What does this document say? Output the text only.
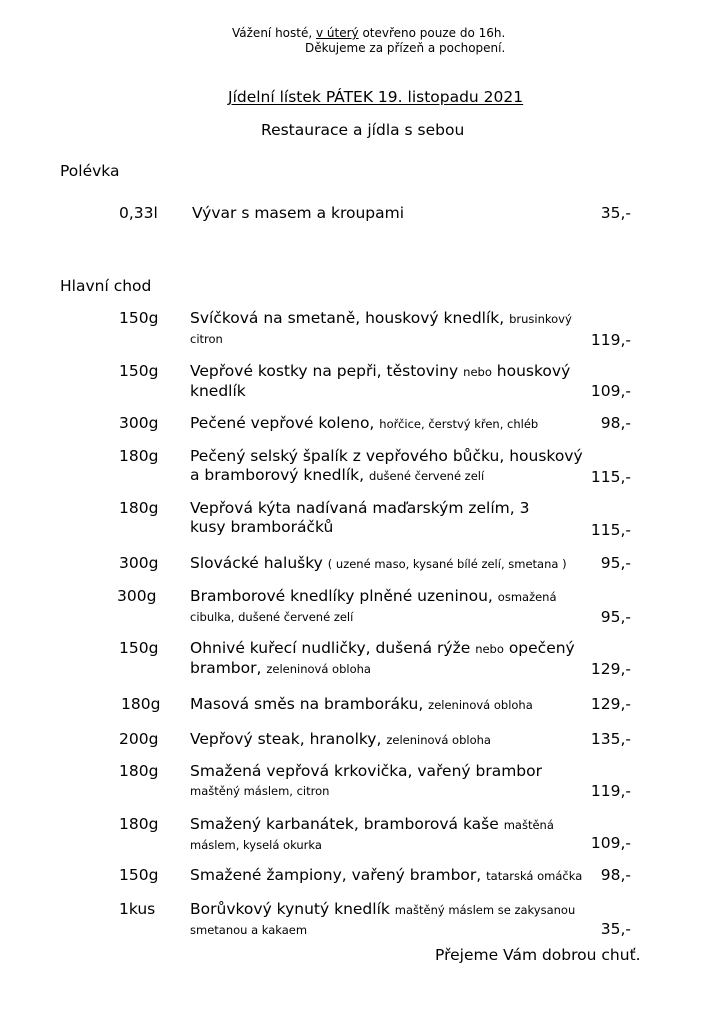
Vážení hosté, v úterý otevřeno pouze do 16h.
Děkujeme za přízeň a pochopení.
Jídelní lístek PÁTEK 19. listopadu 2021
Restaurace a jídla s sebou
Polévka
0,33l Vývar s masem a kroupami	35,-
Hlavní chod
150g Svíčková na smetaně, houskový knedlík, brusinkový citron	119,-
150g Vepřové kostky na pepři, těstoviny nebo houskový knedlík	109,-
300g Pečené vepřové koleno, hořčice, čerstvý křen, chléb	98,-
180g Pečený selský špalík z vepřového bůčku, houskový a bramborový knedlík, dušené červené zelí	115,-
180g Vepřová kýta nadívaná maďarským zelím, 3 kusy bramboráčků	115,-
300g Slovácké halušky ( uzené maso, kysané bílé zelí, smetana )	95,-
300g Bramborové knedlíky plněné uzeninou, osmažená cibulka, dušené červené zelí	95,-
150g Ohnivé kuřecí nudličky, dušená rýže nebo opečený brambor, zeleninová obloha	129,-
180g Masová směs na bramboráku, zeleninová obloha	129,-
200g Vepřový steak, hranolky, zeleninová obloha	135,-
180g Smažená vepřová krkovička, vařený brambor maštěný máslem, citron	119,-
180g Smažený karbanátek, bramborová kaše maštěná máslem, kyselá okurka	109,-
150g Smažené žampiony, vařený brambor, tatarská omáčka	98,-
1kus Borůvkový kynutý knedlík maštěný máslem se zakysanou smetanou a kakaem	35,-
Přejeme Vám dobrou chuť.
